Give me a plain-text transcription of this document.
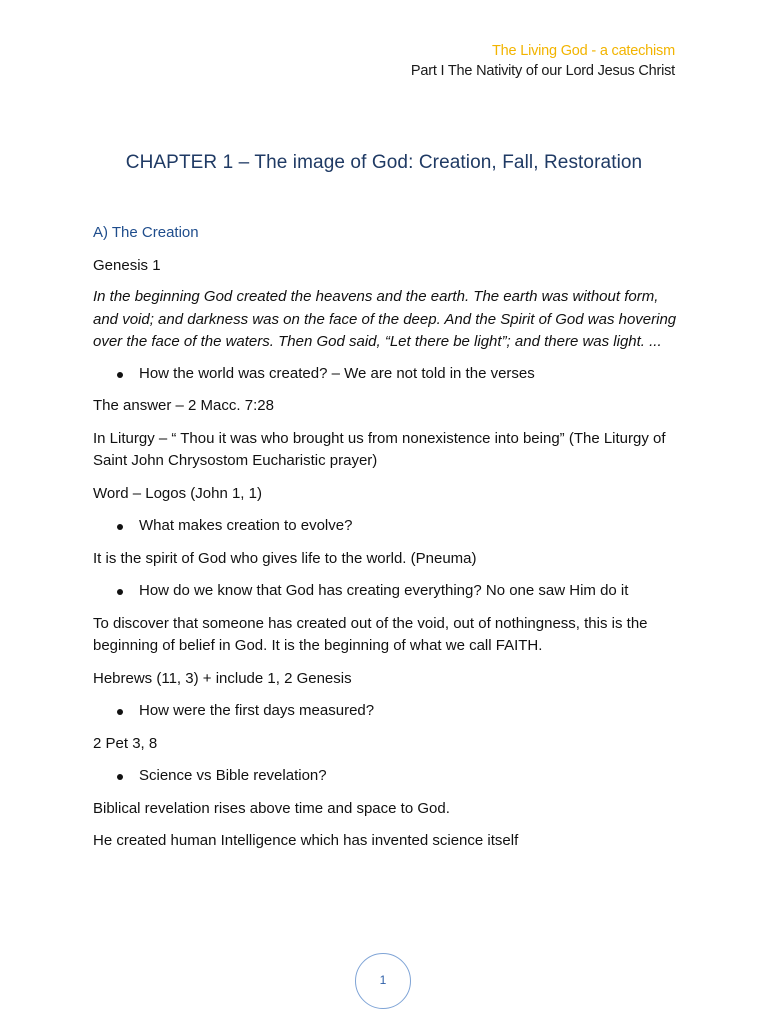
The Living God - a catechism
Part I The Nativity of our Lord Jesus Christ
CHAPTER 1 – The image of God: Creation, Fall, Restoration
A) The Creation
Genesis 1
In the beginning God created the heavens and the earth. The earth was without form, and void; and darkness was on the face of the deep. And the Spirit of God was hovering over the face of the waters. Then God said, “Let there be light”; and there was light. ...
How the world was created? – We are not told in the verses
The answer – 2 Macc. 7:28
In Liturgy – “ Thou it was who brought us from nonexistence into being” (The Liturgy of Saint John Chrysostom Eucharistic prayer)
Word – Logos (John 1, 1)
What makes creation to evolve?
It is the spirit of God who gives life to the world. (Pneuma)
How do we know that God has creating everything? No one saw Him do it
To discover that someone has created out of the void, out of nothingness, this is the beginning of belief in God. It is the beginning of what we call FAITH.
Hebrews (11, 3) + include 1, 2 Genesis
How were the first days measured?
2 Pet 3, 8
Science vs Bible revelation?
Biblical revelation rises above time and space to God.
He created human Intelligence which has invented science itself
1
